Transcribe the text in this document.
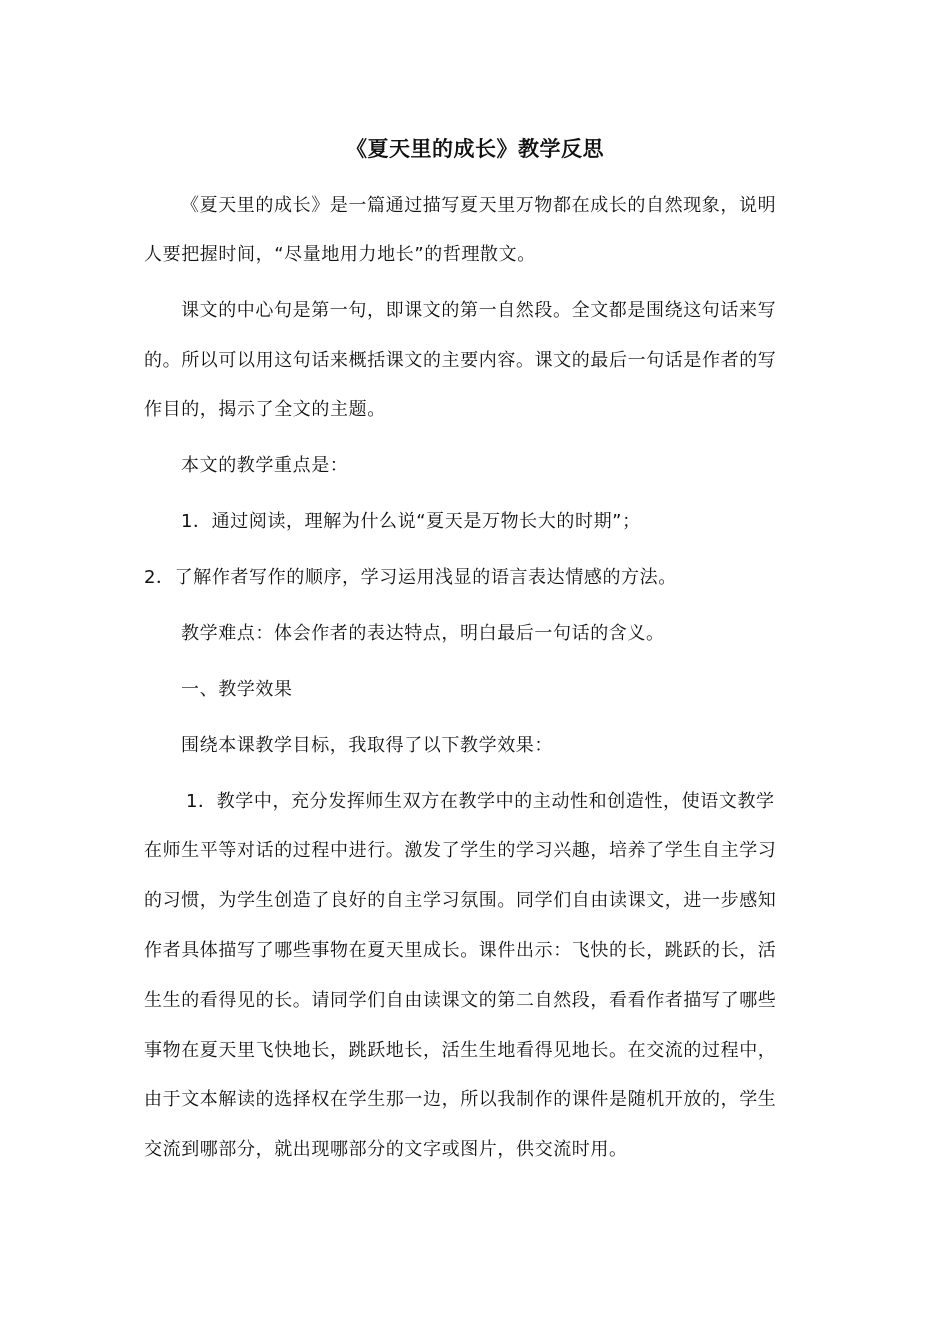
《夏天里的成长》教学反思
《夏天里的成长》是一篇通过描写夏天里万物都在成长的自然现象，说明
人要把握时间，“尽量地用力地长”的哲理散文。
课文的中心句是第一句，即课文的第一自然段。全文都是围绕这句话来写
的。所以可以用这句话来概括课文的主要内容。课文的最后一句话是作者的写
作目的，揭示了全文的主题。
本文的教学重点是：
1．通过阅读，理解为什么说“夏天是万物长大的时期”；
2．了解作者写作的顺序，学习运用浅显的语言表达情感的方法。
教学难点：体会作者的表达特点，明白最后一句话的含义。
一、教学效果
围绕本课教学目标，我取得了以下教学效果：
1．教学中，充分发挥师生双方在教学中的主动性和创造性，使语文教学
在师生平等对话的过程中进行。激发了学生的学习兴趣，培养了学生自主学习
的习惯，为学生创造了良好的自主学习氛围。同学们自由读课文，进一步感知
作者具体描写了哪些事物在夏天里成长。课件出示：飞快的长，跳跃的长，活
生生的看得见的长。请同学们自由读课文的第二自然段，看看作者描写了哪些
事物在夏天里飞快地长，跳跃地长，活生生地看得见地长。在交流的过程中，
由于文本解读的选择权在学生那一边，所以我制作的课件是随机开放的，学生
交流到哪部分，就出现哪部分的文字或图片，供交流时用。
